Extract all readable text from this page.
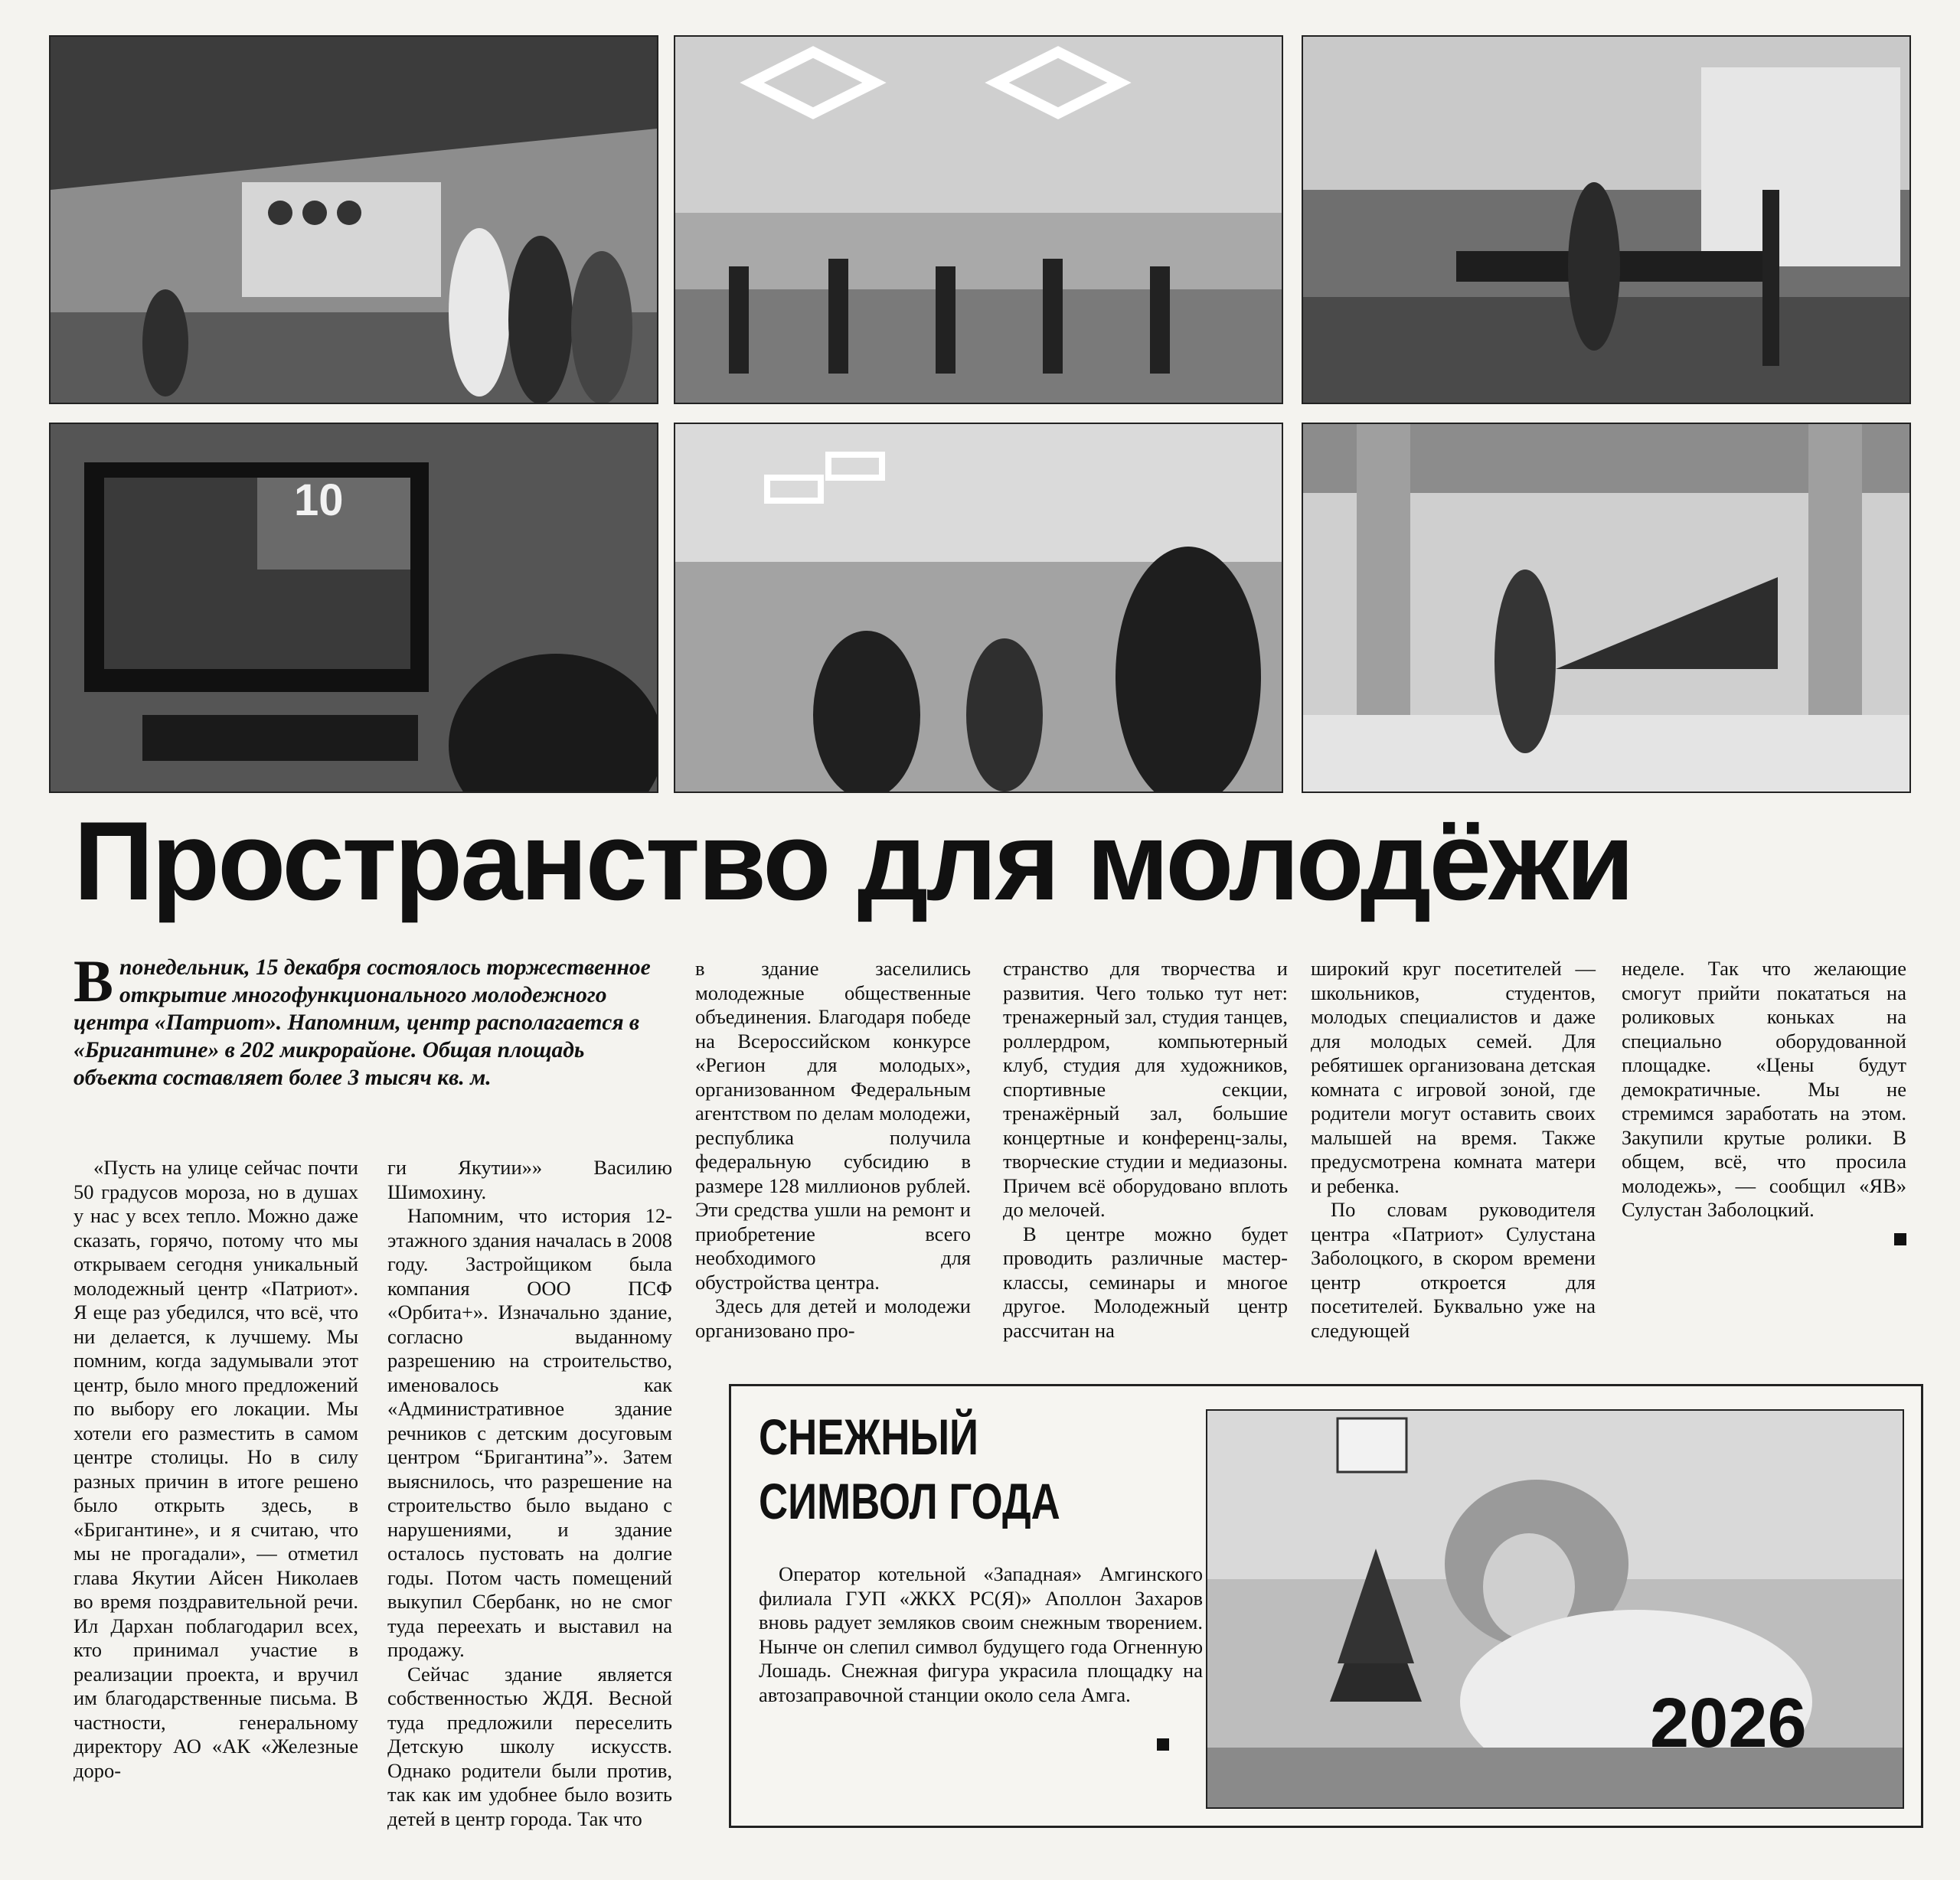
10
Пространство для молодёжи
Впонедельник, 15 декабря состоялось торжественное открытие многофункционального молодежного центра «Патриот». Напомним, центр располагается в «Бригантине» в 202 микрорайоне. Общая площадь объекта составляет более 3 тысяч кв. м.

«Пусть на улице сейчас почти 50 градусов мороза, но в душах у нас у всех тепло. Можно даже сказать, горячо, потому что мы открываем сегодня уникальный молодежный центр «Патриот». Я еще раз убедился, что всё, что ни делается, к лучшему. Мы помним, когда задумывали этот центр, было много предложений по выбору его локации. Мы хотели его разместить в самом центре столицы. Но в силу разных причин в итоге решено было открыть здесь, в «Бригантине», и я считаю, что мы не прогадали», — отметил глава Якутии Айсен Николаев во время поздравительной речи. Ил Дархан поблагодарил всех, кто принимал участие в реализации проекта, и вручил им благодарственные письма. В частности, генеральному директору АО «АК «Железные доро-

ги Якутии»» Василию Шимохину.

Напомним, что история 12-этажного здания началась в 2008 году. Застройщиком была компания ООО ПСФ «Орбита+». Изначально здание, согласно выданному разрешению на строительство, именовалось как «Административное здание речников с детским досуговым центром “Бригантина”». Затем выяснилось, что разрешение на строительство было выдано с нарушениями, и здание осталось пустовать на долгие годы. Потом часть помещений выкупил Сбербанк, но не смог туда переехать и выставил на продажу.

Сейчас здание является собственностью ЖДЯ. Весной туда предложили переселить Детскую школу искусств. Однако родители были против, так как им удобнее было возить детей в центр города. Так что

в здание заселились молодежные общественные объединения. Благодаря победе на Всероссийском конкурсе «Регион для молодых», организованном Федеральным агентством по делам молодежи, республика получила федеральную субсидию в размере 128 миллионов рублей. Эти средства ушли на ремонт и приобретение всего необходимого для обустройства центра.

Здесь для детей и молодежи организовано про-

странство для творчества и развития. Чего только тут нет: тренажерный зал, студия танцев, роллердром, компьютерный клуб, студия для художников, спортивные секции, тренажёрный зал, большие концертные и конференц-залы, творческие студии и медиазоны. Причем всё оборудовано вплоть до мелочей.

В центре можно будет проводить различные мастер-классы, семинары и многое другое. Молодежный центр рассчитан на

широкий круг посетителей — школьников, студентов, молодых специалистов и даже для молодых семей. Для ребятишек организована детская комната с игровой зоной, где родители могут оставить своих малышей на время. Также предусмотрена комната матери и ребенка.

По словам руководителя центра «Патриот» Сулустана Заболоцкого, в скором времени центр откроется для посетителей. Буквально уже на следующей

неделе. Так что желающие смогут прийти покататься на роликовых коньках на специально оборудованной площадке. «Цены будут демократичные. Мы не стремимся заработать на этом. Закупили крутые ролики. В общем, всё, что просила молодежь», — сообщил «ЯВ» Сулустан Заболоцкий.

СНЕЖНЫЙ
СИМВОЛ ГОДА

Оператор котельной «Западная» Амгинского филиала ГУП «ЖКХ РС(Я)» Аполлон Захаров вновь радует земляков своим снежным творением. Нынче он слепил символ будущего года Огненную Лошадь. Снежная фигура украсила площадку на автозаправочной станции около села Амга.	2026
